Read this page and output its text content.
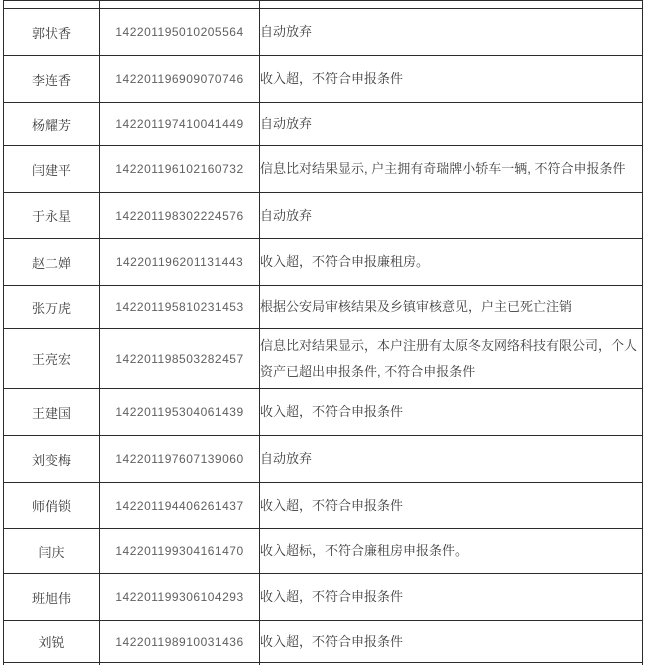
郭状香	142201195010205564	自动放弃
李连香	142201196909070746	收入超，不符合申报条件
杨耀芳	142201197410041449	自动放弃
闫建平	142201196102160732	信息比对结果显示, 户主拥有奇瑞牌小轿车一辆, 不符合申报条件
于永星	142201198302224576	自动放弃
赵二婵	142201196201131443	收入超，不符合申报廉租房。
张万虎	142201195810231453	根据公安局审核结果及乡镇审核意见，户主已死亡注销
王亮宏	142201198503282457	信息比对结果显示，本户注册有太原冬友网络科技有限公司，个人资产已超出申报条件, 不符合申报条件
王建国	142201195304061439	收入超，不符合申报条件
刘变梅	142201197607139060	自动放弃
师俏锁	142201194406261437	收入超，不符合申报条件
闫庆	142201199304161470	收入超标，不符合廉租房申报条件。
班旭伟	142201199306104293	收入超，不符合申报条件
刘锐	142201198910031436	收入超，不符合申报条件
